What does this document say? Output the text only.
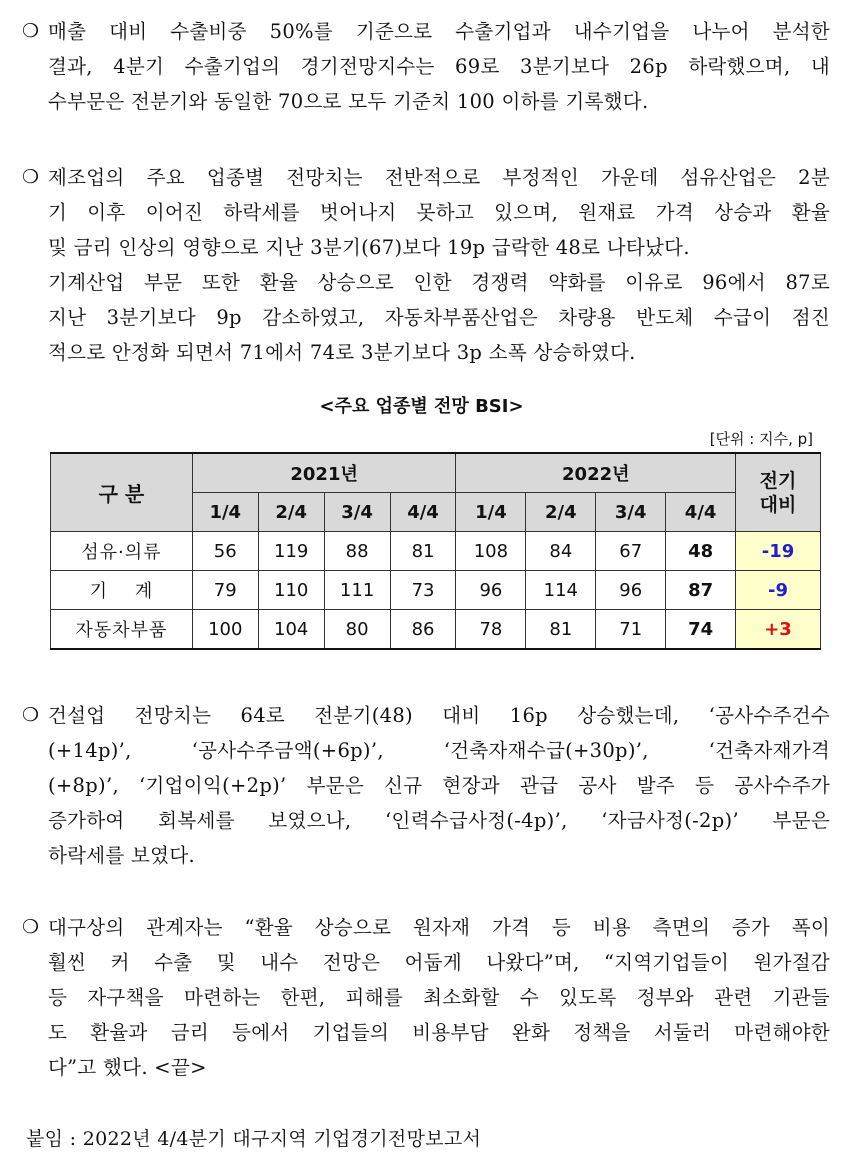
❍ 매출 대비 수출비중 50%를 기준으로 수출기업과 내수기업을 나누어 분석한
결과, 4분기 수출기업의 경기전망지수는 69로 3분기보다 26p 하락했으며, 내
수부문은 전분기와 동일한 70으로 모두 기준치 100 이하를 기록했다.
❍ 제조업의 주요 업종별 전망치는 전반적으로 부정적인 가운데 섬유산업은 2분
기 이후 이어진 하락세를 벗어나지 못하고 있으며, 원재료 가격 상승과 환율
및 금리 인상의 영향으로 지난 3분기(67)보다 19p 급락한 48로 나타났다.
기계산업 부문 또한 환율 상승으로 인한 경쟁력 약화를 이유로 96에서 87로
지난 3분기보다 9p 감소하였고, 자동차부품산업은 차량용 반도체 수급이 점진
적으로 안정화 되면서 71에서 74로 3분기보다 3p 소폭 상승하였다.
<주요 업종별 전망 BSI>
[단위 : 지수, p]
구 분	2021년				2022년				전기
대비
	1/4	2/4	3/4	4/4	1/4	2/4	3/4	4/4	
섬유·의류	56	119	88	81	108	84	67	48	-19
기    계	79	110	111	73	96	114	96	87	-9
자동차부품	100	104	80	86	78	81	71	74	+3
❍ 건설업 전망치는 64로 전분기(48) 대비 16p 상승했는데, ‘공사수주건수
(+14p)’, ‘공사수주금액(+6p)’, ‘건축자재수급(+30p)’, ‘건축자재가격
(+8p)’, ‘기업이익(+2p)’ 부문은 신규 현장과 관급 공사 발주 등 공사수주가
증가하여 회복세를 보였으나, ‘인력수급사정(-4p)’, ‘자금사정(-2p)’ 부문은
하락세를 보였다.
❍ 대구상의 관계자는 “환율 상승으로 원자재 가격 등 비용 측면의 증가 폭이
훨씬 커 수출 및 내수 전망은 어둡게 나왔다”며, “지역기업들이 원가절감
등 자구책을 마련하는 한편, 피해를 최소화할 수 있도록 정부와 관련 기관들
도 환율과 금리 등에서 기업들의 비용부담 완화 정책을 서둘러 마련해야한
다”고 했다. <끝>
붙임 : 2022년 4/4분기 대구지역 기업경기전망보고서
